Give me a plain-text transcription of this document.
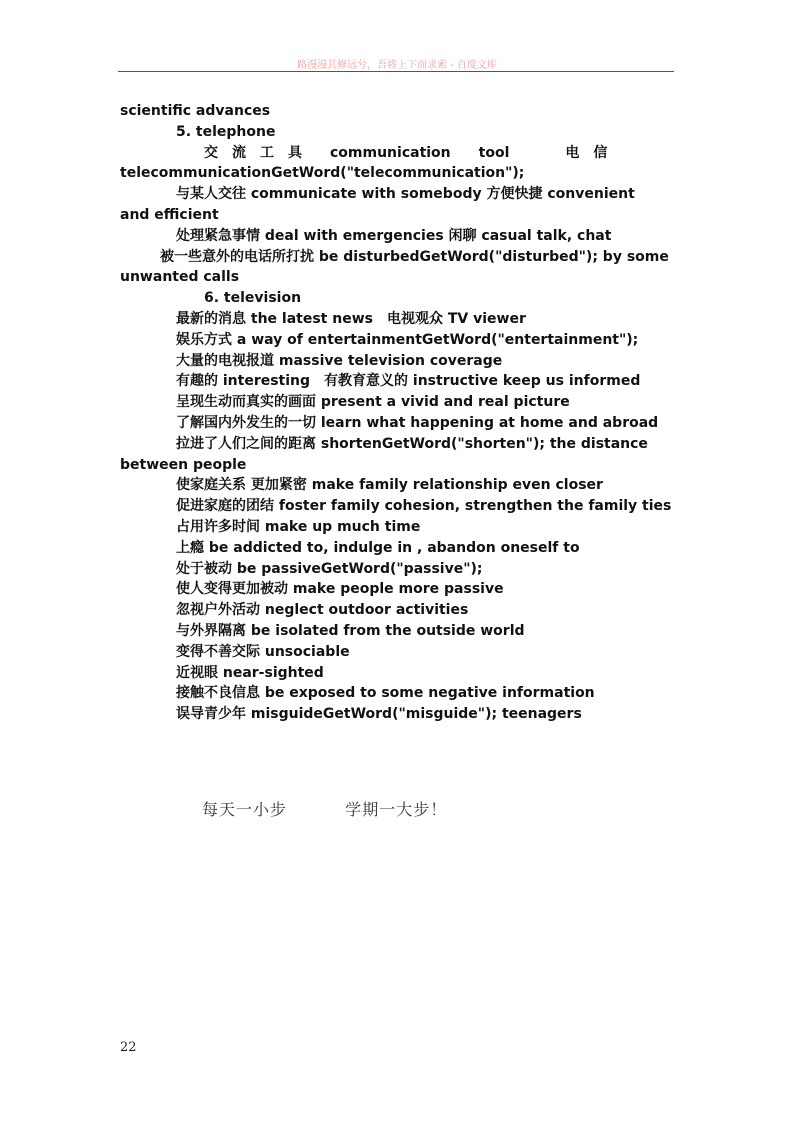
路漫漫其修远兮，吾将上下而求索 - 百度文库
scientific advances
5. telephone
交　流　工　具　　communication　　tool　　　　电　信
telecommunicationGetWord("telecommunication");
与某人交往 communicate with somebody 方便快捷 convenient
and efficient
处理紧急事情 deal with emergencies 闲聊 casual talk, chat
被一些意外的电话所打扰 be disturbedGetWord("disturbed"); by some
unwanted calls
6. television
最新的消息 the latest news　电视观众 TV viewer
娱乐方式 a way of entertainmentGetWord("entertainment");
大量的电视报道 massive television coverage
有趣的 interesting　有教育意义的 instructive keep us informed
呈现生动而真实的画面 present a vivid and real picture
了解国内外发生的一切 learn what happening at home and abroad
拉进了人们之间的距离 shortenGetWord("shorten"); the distance
between people
使家庭关系 更加紧密 make family relationship even closer
促进家庭的团结 foster family cohesion, strengthen the family ties
占用许多时间 make up much time
上瘾 be addicted to, indulge in , abandon oneself to
处于被动 be passiveGetWord("passive");
使人变得更加被动 make people more passive
忽视户外活动 neglect outdoor activities
与外界隔离 be isolated from the outside world
变得不善交际 unsociable
近视眼 near-sighted
接触不良信息 be exposed to some negative information
误导青少年 misguideGetWord("misguide"); teenagers
每天一小步	学期一大步！
22
